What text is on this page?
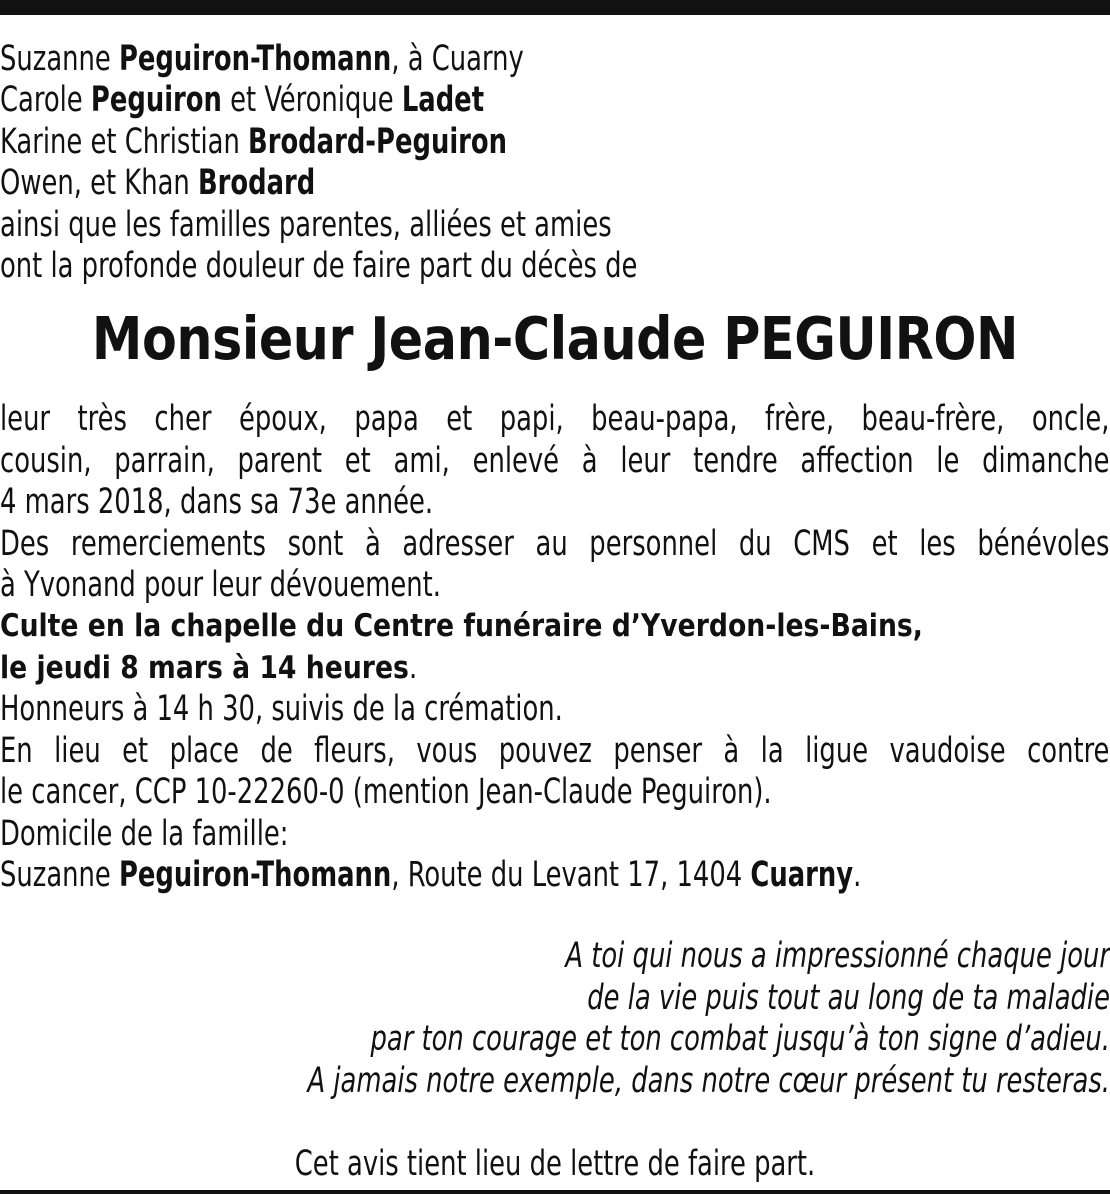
Suzanne Peguiron-Thomann, à Cuarny
Carole Peguiron et Véronique Ladet
Karine et Christian Brodard-Peguiron
Owen, et Khan Brodard
ainsi que les familles parentes, alliées et amies
ont la profonde douleur de faire part du décès de
Monsieur Jean-Claude PEGUIRON
leur très cher époux, papa et papi, beau-papa, frère, beau-frère, oncle,
cousin, parrain, parent et ami, enlevé à leur tendre affection le dimanche
4 mars 2018, dans sa 73e année.
Des remerciements sont à adresser au personnel du CMS et les bénévoles
à Yvonand pour leur dévouement.
Culte en la chapelle du Centre funéraire d’Yverdon-les-Bains,
le jeudi 8 mars à 14 heures.
Honneurs à 14 h 30, suivis de la crémation.
En lieu et place de fleurs, vous pouvez penser à la ligue vaudoise contre
le cancer, CCP 10-22260-0 (mention Jean-Claude Peguiron).
Domicile de la famille:
Suzanne Peguiron-Thomann, Route du Levant 17, 1404 Cuarny.
A toi qui nous a impressionné chaque jour
de la vie puis tout au long de ta maladie
par ton courage et ton combat jusqu’à ton signe d’adieu.
A jamais notre exemple, dans notre cœur présent tu resteras.
Cet avis tient lieu de lettre de faire part.
